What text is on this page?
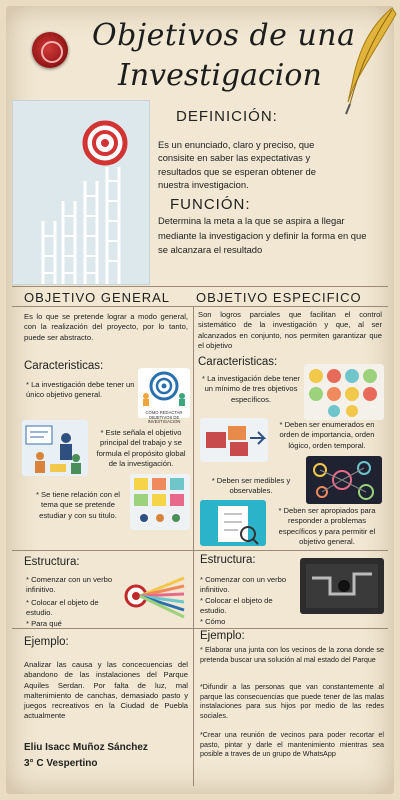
Objetivos de una
Investigacion
DEFINICIÓN:
Es un enunciado, claro y preciso, que consisite en saber las expectativas y resultados que se esperan obtener de nuestra investigacion.
FUNCIÓN:
Determina la meta a la que se aspira a llegar mediante la investigacion y definir la forma en que se alcanzara el resultado
OBJETIVO GENERAL OBJETIVO ESPECIFICO
Es lo que se pretende lograr a modo general, con la realización del proyecto, por lo tanto, puede ser abstracto.
Son logros parciales que facilitan el control sistemático de la investigación y que, al ser alcanzados en conjunto, nos permiten garantizar que el objetivo
Caracteristicas:
* La investigación debe tener un único objetivo general.
COMO REDACTAR OBJETIVOS DE INVESTIGACION
* Este señala el objetivo principal del trabajo y se formula el propósito global de la investigación.
* Se tiene relación con el tema que se pretende estudiar y con su titulo.
Caracteristicas:
* La investigación debe tener un mínimo de tres objetivos específicos.
* Deben ser enumerados en orden de importancia, orden lógico, orden temporal.
* Deben ser medibles y observables.
* Deben ser apropiados para responder a problemas específicos y para permitir el objetivo general.
Estructura:
* Comenzar con un verbo infinitivo.
* Colocar el objeto de estudio.
* Para qué
Estructura:
* Comenzar con un verbo infinitivo.
* Colocar el objeto de estudio.
* Cómo
Ejemplo:
Analizar las causa y las concecuencias del abandono de las instalaciones del Parque Aquiles Serdan. Por falta de luz, mal maltenimiento de canchas, demasiado pasto y juegos recreativos en la Ciudad de Puebla actualmente
Ejemplo:
* Elaborar una junta con los vecinos de la zona donde se pretenda buscar una solución al mal estado del Parque
*Difundir a las personas que van constantemente al parque las consecuencias que puede tener de las malas instalaciones para sus hijos por medio de las redes sociales.
*Crear una reunión de vecinos para poder recortar el pasto, pintar y darle el mantenimiento mientras sea posible a traves de un grupo de WhatsApp
Eliu Isacc Muñoz Sánchez
3° C Vespertino
